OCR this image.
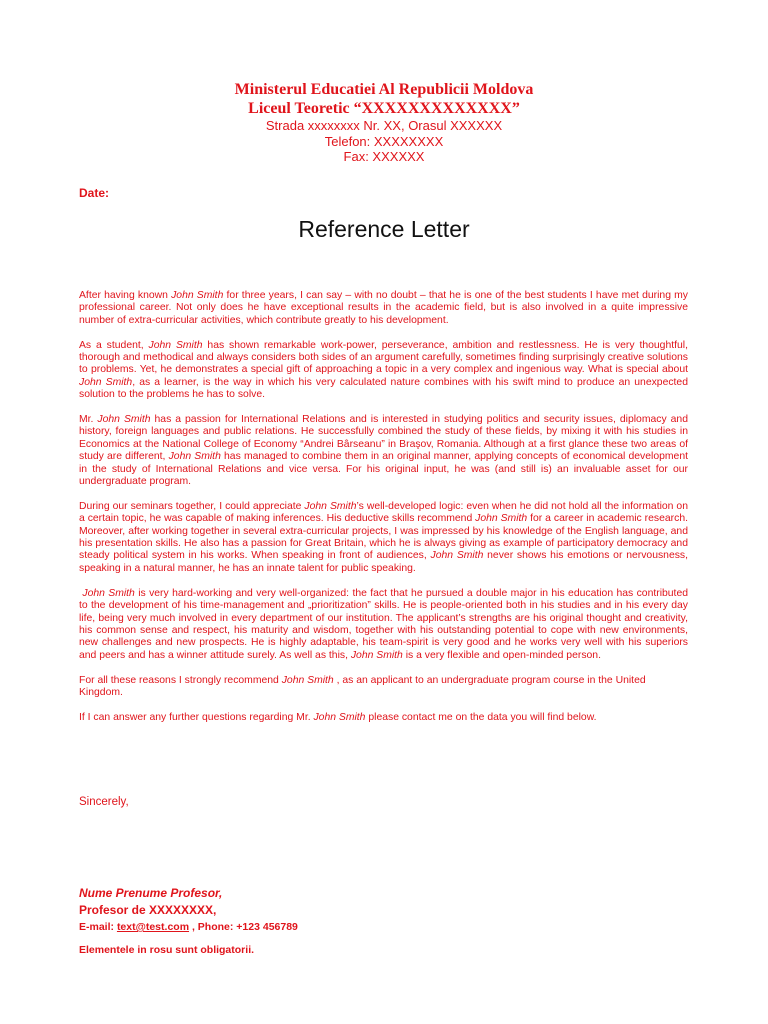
Ministerul Educatiei Al Republicii Moldova
Liceul Teoretic “XXXXXXXXXXXXX”
Strada xxxxxxxx Nr. XX, Orasul XXXXXX
Telefon: XXXXXXXX
Fax: XXXXXX
Date:
Reference Letter

After having known John Smith for three years, I can say – with no doubt – that he is one of the best students I have met during my professional career. Not only does he have exceptional results in the academic field, but is also involved in a quite impressive number of extra-curricular activities, which contribute greatly to his development.

As a student, John Smith has shown remarkable work-power, perseverance, ambition and restlessness. He is very thoughtful, thorough and methodical and always considers both sides of an argument carefully, sometimes finding surprisingly creative solutions to problems. Yet, he demonstrates a special gift of approaching a topic in a very complex and ingenious way. What is special about John Smith, as a learner, is the way in which his very calculated nature combines with his swift mind to produce an unexpected solution to the problems he has to solve.

Mr. John Smith has a passion for International Relations and is interested in studying politics and security issues, diplomacy and history, foreign languages and public relations. He successfully combined the study of these fields, by mixing it with his studies in Economics at the National College of Economy “Andrei Bârseanu” in Braşov, Romania. Although at a first glance these two areas of study are different, John Smith has managed to combine them in an original manner, applying concepts of economical development in the study of International Relations and vice versa. For his original input, he was (and still is) an invaluable asset for our undergraduate program.

During our seminars together, I could appreciate John Smith’s well-developed logic: even when he did not hold all the information on a certain topic, he was capable of making inferences. His deductive skills recommend John Smith for a career in academic research. Moreover, after working together in several extra-curricular projects, I was impressed by his knowledge of the English language, and his presentation skills. He also has a passion for Great Britain, which he is always giving as example of participatory democracy and steady political system in his works. When speaking in front of audiences, John Smith never shows his emotions or nervousness, speaking in a natural manner, he has an innate talent for public speaking.

John Smith is very hard-working and very well-organized: the fact that he pursued a double major in his education has contributed to the development of his time-management and „prioritization” skills. He is people-oriented both in his studies and in his every day life, being very much involved in every department of our institution. The applicant’s strengths are his original thought and creativity, his common sense and respect, his maturity and wisdom, together with his outstanding potential to cope with new environments, new challenges and new prospects. He is highly adaptable, his team-spirit is very good and he works very well with his superiors and peers and has a winner attitude surely. As well as this, John Smith is a very flexible and open-minded person.

For all these reasons I strongly recommend John Smith , as an applicant to an undergraduate program course in the United Kingdom.

If I can answer any further questions regarding Mr. John Smith please contact me on the data you will find below.

Sincerely,
Nume Prenume Profesor,
Profesor de XXXXXXXX,
E-mail: text@test.com , Phone: +123 456789
Elementele in rosu sunt obligatorii.
